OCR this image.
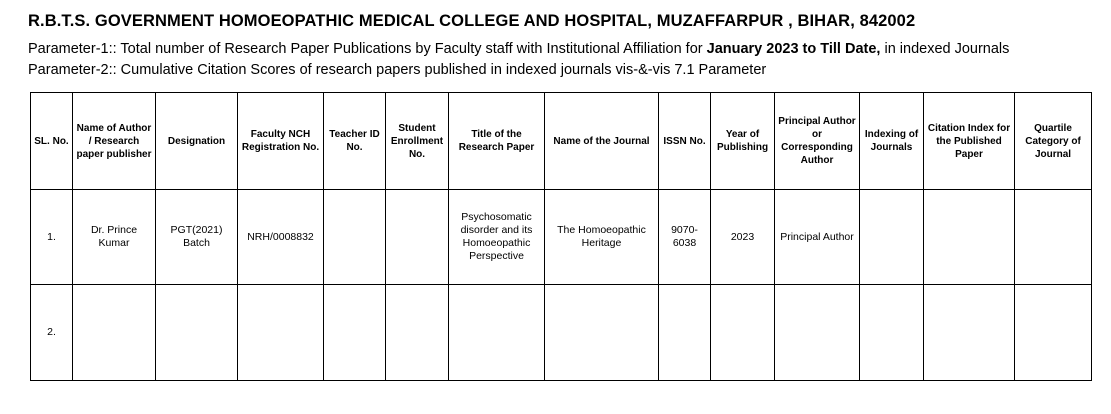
R.B.T.S. GOVERNMENT HOMOEOPATHIC MEDICAL COLLEGE AND HOSPITAL, MUZAFFARPUR , BIHAR, 842002
Parameter-1:: Total number of Research Paper Publications by Faculty staff with Institutional Affiliation for January 2023 to Till Date, in indexed Journals
Parameter-2:: Cumulative Citation Scores of research papers published in indexed journals vis-&-vis 7.1 Parameter
SL. No.	Name of Author / Research paper publisher	Designation	Faculty NCH Registration No.	Teacher ID No.	Student Enrollment No.	Title of the Research Paper	Name of the Journal	ISSN No.	Year of Publishing	Principal Author or Corresponding Author	Indexing of Journals	Citation Index for the Published Paper	Quartile Category of Journal
1.	Dr. Prince Kumar	PGT(2021) Batch	NRH/0008832			Psychosomatic disorder and its Homoeopathic Perspective	The Homoeopathic Heritage	9070-6038	2023	Principal Author			
2.													
